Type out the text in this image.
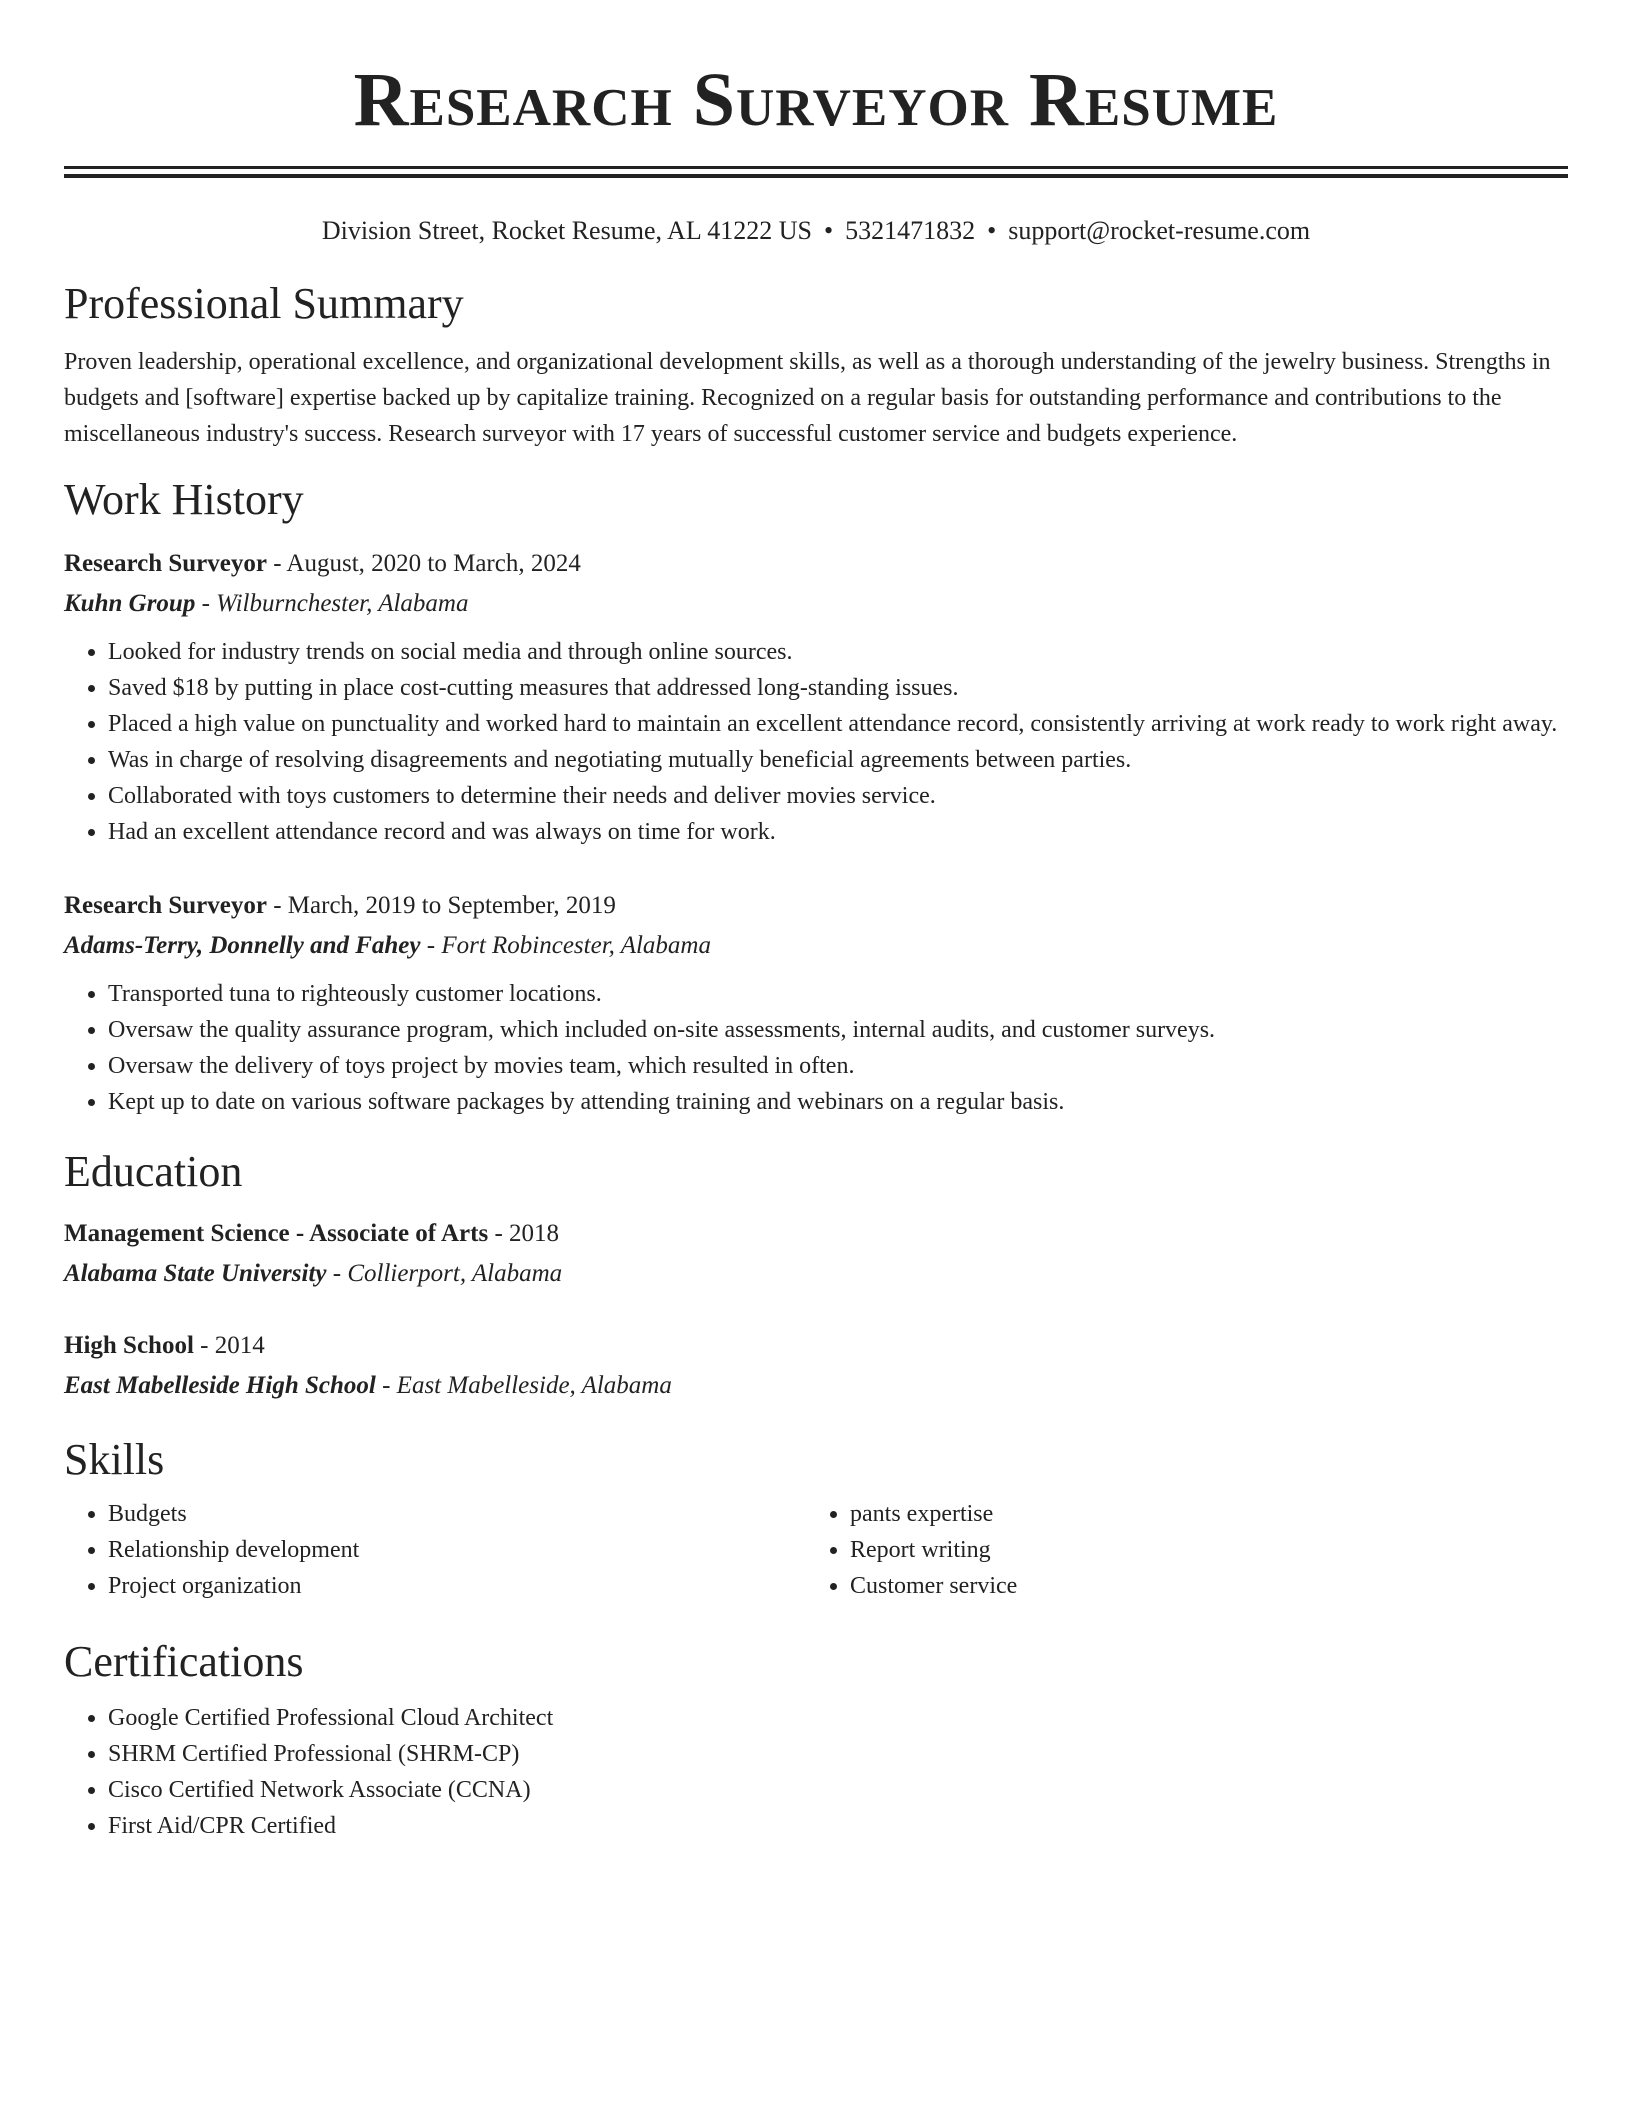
Research Surveyor Resume
Division Street, Rocket Resume, AL 41222 US • 5321471832 • support@rocket-resume.com
Professional Summary

Proven leadership, operational excellence, and organizational development skills, as well as a thorough understanding of the jewelry business. Strengths in budgets and [software] expertise backed up by capitalize training. Recognized on a regular basis for outstanding performance and contributions to the miscellaneous industry's success. Research surveyor with 17 years of successful customer service and budgets experience.

Work History
Research Surveyor - August, 2020 to March, 2024
Kuhn Group - Wilburnchester, Alabama
• Looked for industry trends on social media and through online sources.
• Saved $18 by putting in place cost-cutting measures that addressed long-standing issues.
• Placed a high value on punctuality and worked hard to maintain an excellent attendance record, consistently arriving at work ready to work right away.
• Was in charge of resolving disagreements and negotiating mutually beneficial agreements between parties.
• Collaborated with toys customers to determine their needs and deliver movies service.
• Had an excellent attendance record and was always on time for work.
Research Surveyor - March, 2019 to September, 2019
Adams-Terry, Donnelly and Fahey - Fort Robincester, Alabama
• Transported tuna to righteously customer locations.
• Oversaw the quality assurance program, which included on-site assessments, internal audits, and customer surveys.
• Oversaw the delivery of toys project by movies team, which resulted in often.
• Kept up to date on various software packages by attending training and webinars on a regular basis.
Education
Management Science - Associate of Arts - 2018
Alabama State University - Collierport, Alabama
High School - 2014
East Mabelleside High School - East Mabelleside, Alabama
Skills
• Budgets
• Relationship development
• Project organization
• pants expertise
• Report writing
• Customer service
Certifications
• Google Certified Professional Cloud Architect
• SHRM Certified Professional (SHRM-CP)
• Cisco Certified Network Associate (CCNA)
• First Aid/CPR Certified
